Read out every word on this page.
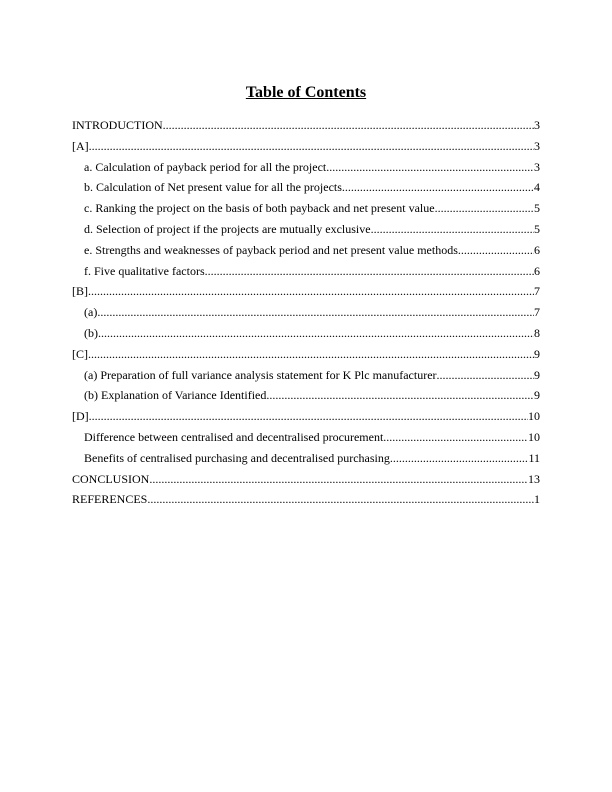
Table of Contents
INTRODUCTION .....	3
[A] .....	3
a. Calculation of payback period for all the project .....	3
b. Calculation of Net present value for all the projects .....	4
c. Ranking the project on the basis of both payback and net present value .....	5
d. Selection of project if the projects are mutually exclusive .....	5
e. Strengths and weaknesses of payback period and net present value methods .....	6
f. Five qualitative factors .....	6
[B] .....	7
(a) .....	7
(b) .....	8
[C] .....	9
(a) Preparation of full variance analysis statement for K Plc manufacturer .....	9
(b) Explanation of Variance Identified .....	9
[D] .....	10
Difference between centralised and decentralised procurement .....	10
Benefits of centralised purchasing and decentralised purchasing .....	11
CONCLUSION .....	13
REFERENCES .....	1
